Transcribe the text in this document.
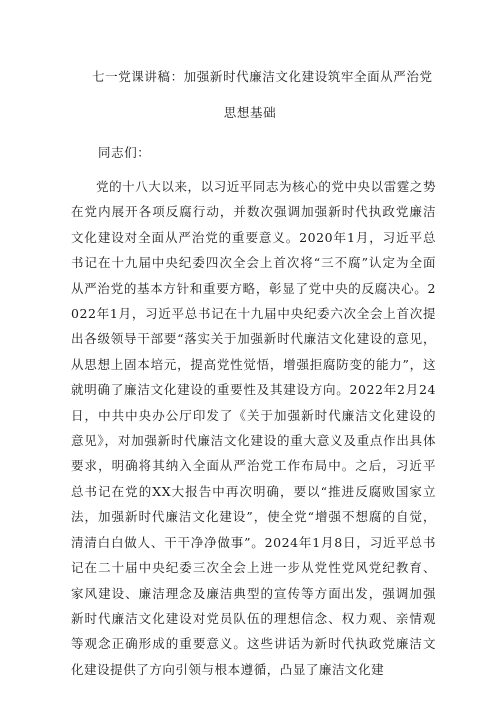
七一党课讲稿：加强新时代廉洁文化建设筑牢全面从严治党
思想基础
同志们：
党的十八大以来，以习近平同志为核心的党中央以雷霆之势在党内展开各项反腐行动，并数次强调加强新时代执政党廉洁文化建设对全面从严治党的重要意义。2020年1月，习近平总书记在十九届中央纪委四次全会上首次将“三不腐”认定为全面从严治党的基本方针和重要方略，彰显了党中央的反腐决心。2022年1月，习近平总书记在十九届中央纪委六次全会上首次提出各级领导干部要“落实关于加强新时代廉洁文化建设的意见，从思想上固本培元，提高党性觉悟，增强拒腐防变的能力”，这就明确了廉洁文化建设的重要性及其建设方向。2022年2月24日，中共中央办公厅印发了《关于加强新时代廉洁文化建设的意见》，对加强新时代廉洁文化建设的重大意义及重点作出具体要求，明确将其纳入全面从严治党工作布局中。之后，习近平总书记在党的XX大报告中再次明确，要以“推进反腐败国家立法，加强新时代廉洁文化建设”，使全党“增强不想腐的自觉，清清白白做人、干干净净做事”。2024年1月8日，习近平总书记在二十届中央纪委三次全会上进一步从党性党风党纪教育、家风建设、廉洁理念及廉洁典型的宣传等方面出发，强调加强新时代廉洁文化建设对党员队伍的理想信念、权力观、亲情观等观念正确形成的重要意义。这些讲话为新时代执政党廉洁文化建设提供了方向引领与根本遵循，凸显了廉洁文化建
